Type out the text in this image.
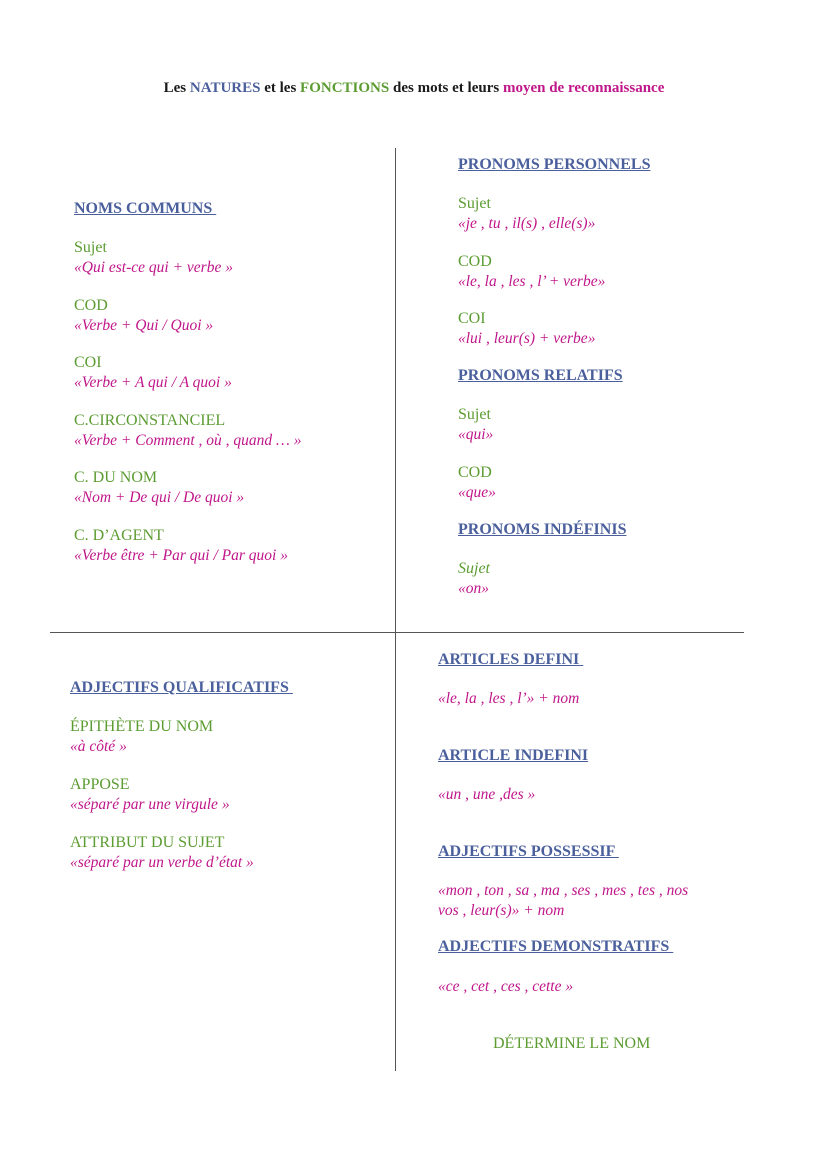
Les NATURES et les FONCTIONS des mots et leurs moyen de reconnaissance
NOMS COMMUNS
Sujet
«Qui est-ce qui + verbe »
COD
«Verbe + Qui / Quoi »
COI
«Verbe + A qui / A quoi »
C.CIRCONSTANCIEL
«Verbe + Comment , où , quand … »
C. DU NOM
«Nom + De qui / De quoi »
C. D’AGENT
«Verbe être + Par qui / Par quoi »
PRONOMS PERSONNELS
Sujet
«je , tu , il(s) , elle(s)»
COD
«le, la , les , l’ + verbe»
COI
«lui , leur(s) + verbe»
PRONOMS RELATIFS
Sujet
«qui»
COD
«que»
PRONOMS INDÉFINIS
Sujet
«on»
ADJECTIFS QUALIFICATIFS
ÉPITHÈTE DU NOM
«à côté »
APPOSE
«séparé par une virgule »
ATTRIBUT DU SUJET
«séparé par un verbe d’état »
ARTICLES DEFINI
«le, la , les , l’» + nom
ARTICLE INDEFINI
«un , une ,des »
ADJECTIFS POSSESSIF
«mon , ton , sa , ma , ses , mes , tes , nos
vos , leur(s)» + nom
ADJECTIFS DEMONSTRATIFS
«ce , cet , ces , cette »
DÉTERMINE LE NOM
